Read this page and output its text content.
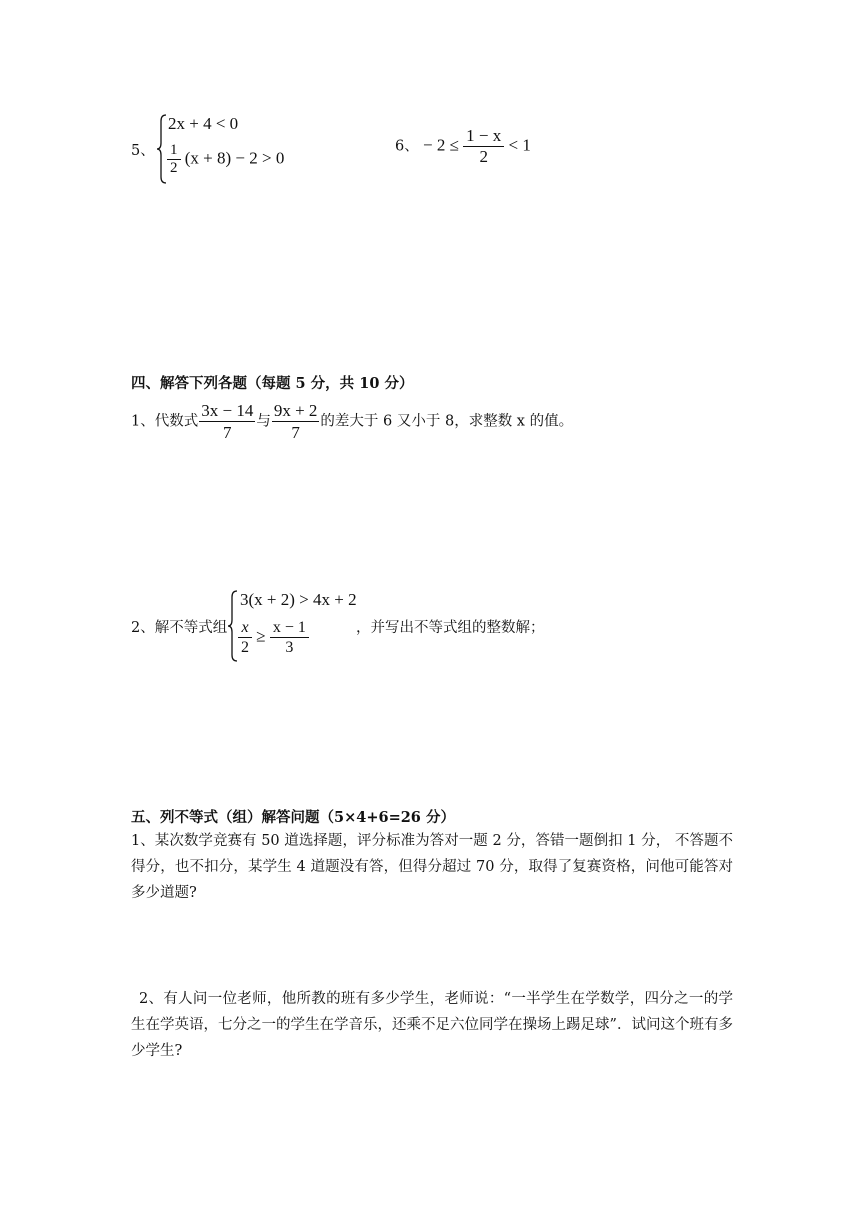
5、
2x + 4 < 0
$\frac{1}{2} (x + 8) - 2 > 0$
6、 − $2 \le \frac{1 - x}{2} < 1$
四、解答下列各题（每题 5 分，共 10 分）
1、代数式 $\frac{3x - 14}{7}$ 与 $\frac{9x + 2}{7}$ 的差大于 6 又小于 8，求整数 x 的值。
2、解不等式组
3(x + 2) > 4x + 2
$\frac{x}{2} \ge \frac{x - 1}{3}$	，并写出不等式组的整数解；
五、列不等式（组）解答问题（5×4+6=26 分）
1、某次数学竞赛有 50 道选择题，评分标准为答对一题 2 分，答错一题倒扣 1 分， 不答题不得分，也不扣分，某学生 4 道题没有答，但得分超过 70 分，取得了复赛资格，问他可能答对多少道题?
2、有人问一位老师，他所教的班有多少学生，老师说：“一半学生在学数学，四分之一的学生在学英语，七分之一的学生在学音乐，还乘不足六位同学在操场上踢足球”．试问这个班有多少学生?
